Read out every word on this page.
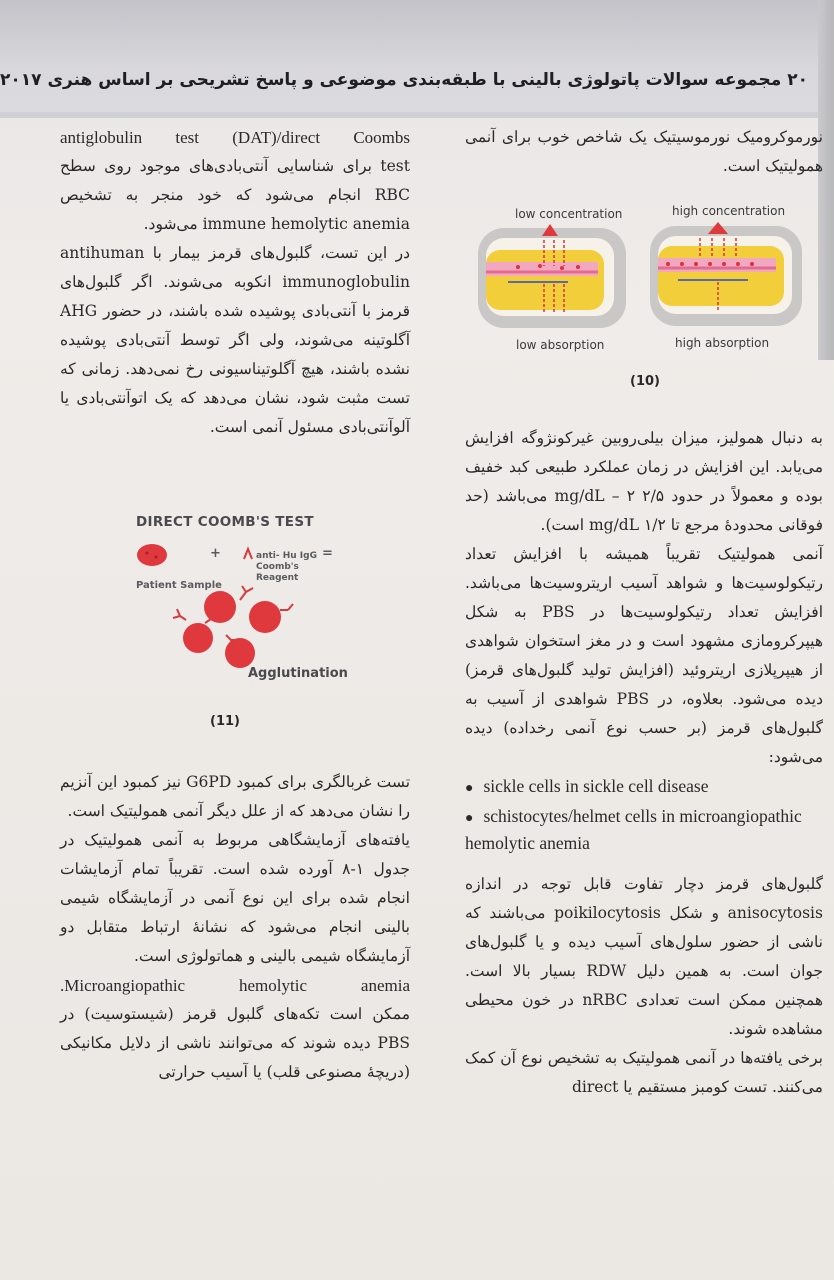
۲۰ مجموعه سوالات پاتولوژی بالینی با طبقه‌بندی موضوعی و پاسخ تشریحی بر اساس هنری ۲۰۱۷

antiglobulin test (DAT)/direct Coombs

test برای شناسایی آنتی‌بادی‌های موجود روی سطح RBC انجام می‌شود که خود منجر به تشخیص immune hemolytic anemia می‌شود.

در این تست، گلبول‌های قرمز بیمار با antihuman immunoglobulin انکوبه می‌شوند. اگر گلبول‌های قرمز با آنتی‌بادی پوشیده شده باشند، در حضور AHG آگلوتینه می‌شوند، ولی اگر توسط آنتی‌بادی پوشیده نشده باشند، هیچ آگلوتیناسیونی رخ نمی‌دهد. زمانی که تست مثبت شود، نشان می‌دهد که یک اتوآنتی‌بادی یا آلوآنتی‌بادی مسئول آنمی است.

DIRECT COOMB'S TEST
Patient Sample
+	anti- Hu IgG Coomb's Reagent
=
Agglutination
(11)

تست غربالگری برای کمبود G6PD نیز کمبود این آنزیم را نشان می‌دهد که از علل دیگر آنمی همولیتیک است.

یافته‌های آزمایشگاهی مربوط به آنمی همولیتیک در جدول ۱-۸ آورده شده است. تقریباً تمام آزمایشات انجام شده برای این نوع آنمی در آزمایشگاه شیمی بالینی انجام می‌شود که نشانهٔ ارتباط متقابل دو آزمایشگاه شیمی بالینی و هماتولوژی است.

Microangiopathic hemolytic anemia.

ممکن است تکه‌های گلبول قرمز (شیستوسیت) در PBS دیده شوند که می‌توانند ناشی از دلایل مکانیکی (دریچهٔ مصنوعی قلب) یا آسیب حرارتی

نورموکرومیک نورموسیتیک یک شاخص خوب برای آنمی همولیتیک است.

low concentration	high concentration
low absorption	high absorption
(10)

به دنبال همولیز، میزان بیلی‌روبین غیرکونژوگه افزایش می‌یابد. این افزایش در زمان عملکرد طبیعی کبد خفیف بوده و معمولاً در حدود ۲/۵ mg/dL – ۲ می‌باشد (حد فوقانی محدودهٔ مرجع تا ۱/۲ mg/dL است).

آنمی همولیتیک تقریباً همیشه با افزایش تعداد رتیکولوسیت‌ها و شواهد آسیب اریتروسیت‌ها می‌باشد. افزایش تعداد رتیکولوسیت‌ها در PBS به شکل هیپرکرومازی مشهود است و در مغز استخوان شواهدی از هیپرپلازی اریتروئید (افزایش تولید گلبول‌های قرمز) دیده می‌شود. بعلاوه، در PBS شواهدی از آسیب به گلبول‌های قرمز (بر حسب نوع آنمی رخداده) دیده می‌شود:

● sickle cells in sickle cell disease
● schistocytes/helmet cells in microangiopathic hemolytic anemia

گلبول‌های قرمز دچار تفاوت قابل توجه در اندازه anisocytosis و شکل poikilocytosis می‌باشند که ناشی از حضور سلول‌های آسیب دیده و یا گلبول‌های جوان است. به همین دلیل RDW بسیار بالا است. همچنین ممکن است تعدادی nRBC در خون محیطی مشاهده شوند.

برخی یافته‌ها در آنمی همولیتیک به تشخیص نوع آن کمک می‌کنند. تست کومبز مستقیم یا direct
